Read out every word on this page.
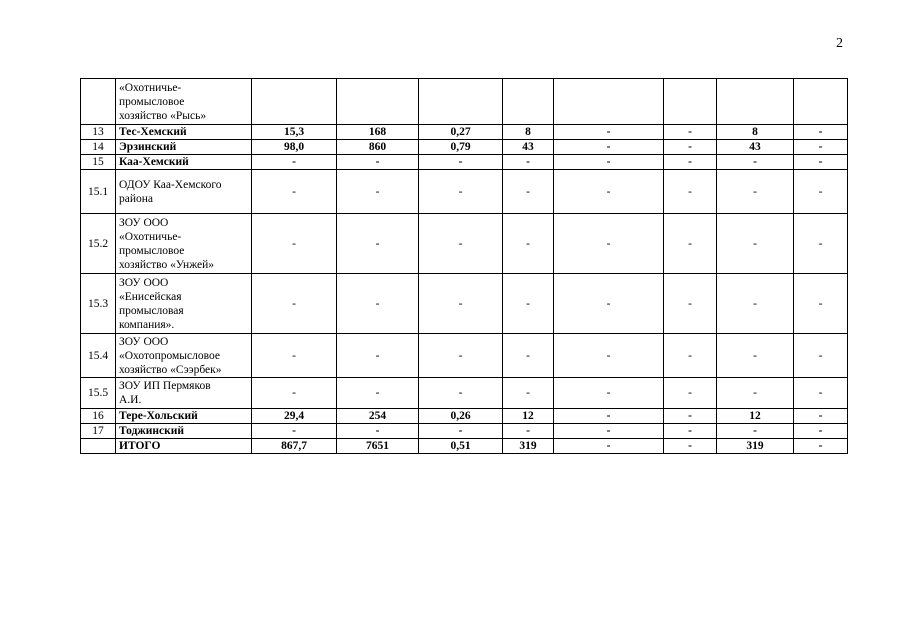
2
	«Охотничье-
промысловое
хозяйство «Рысь»								
13	Тес-Хемский	15,3	168	0,27	8	-	-	8	-
14	Эрзинский	98,0	860	0,79	43	-	-	43	-
15	Каа-Хемский	-	-	-	-	-	-	-	-
15.1	ОДОУ Каа-Хемского
района	-	-	-	-	-	-	-	-
15.2	ЗОУ ООО
«Охотничье-
промысловое
хозяйство «Унжей»	-	-	-	-	-	-	-	-
15.3	ЗОУ ООО
«Енисейская
промысловая
компания».	-	-	-	-	-	-	-	-
15.4	ЗОУ ООО
«Охотопромысловое
хозяйство «Сээрбек»	-	-	-	-	-	-	-	-
15.5	ЗОУ ИП Пермяков
А.И.	-	-	-	-	-	-	-	-
16	Тере-Хольский	29,4	254	0,26	12	-	-	12	-
17	Тоджинский	-	-	-	-	-	-	-	-
	ИТОГО	867,7	7651	0,51	319	-	-	319	-
